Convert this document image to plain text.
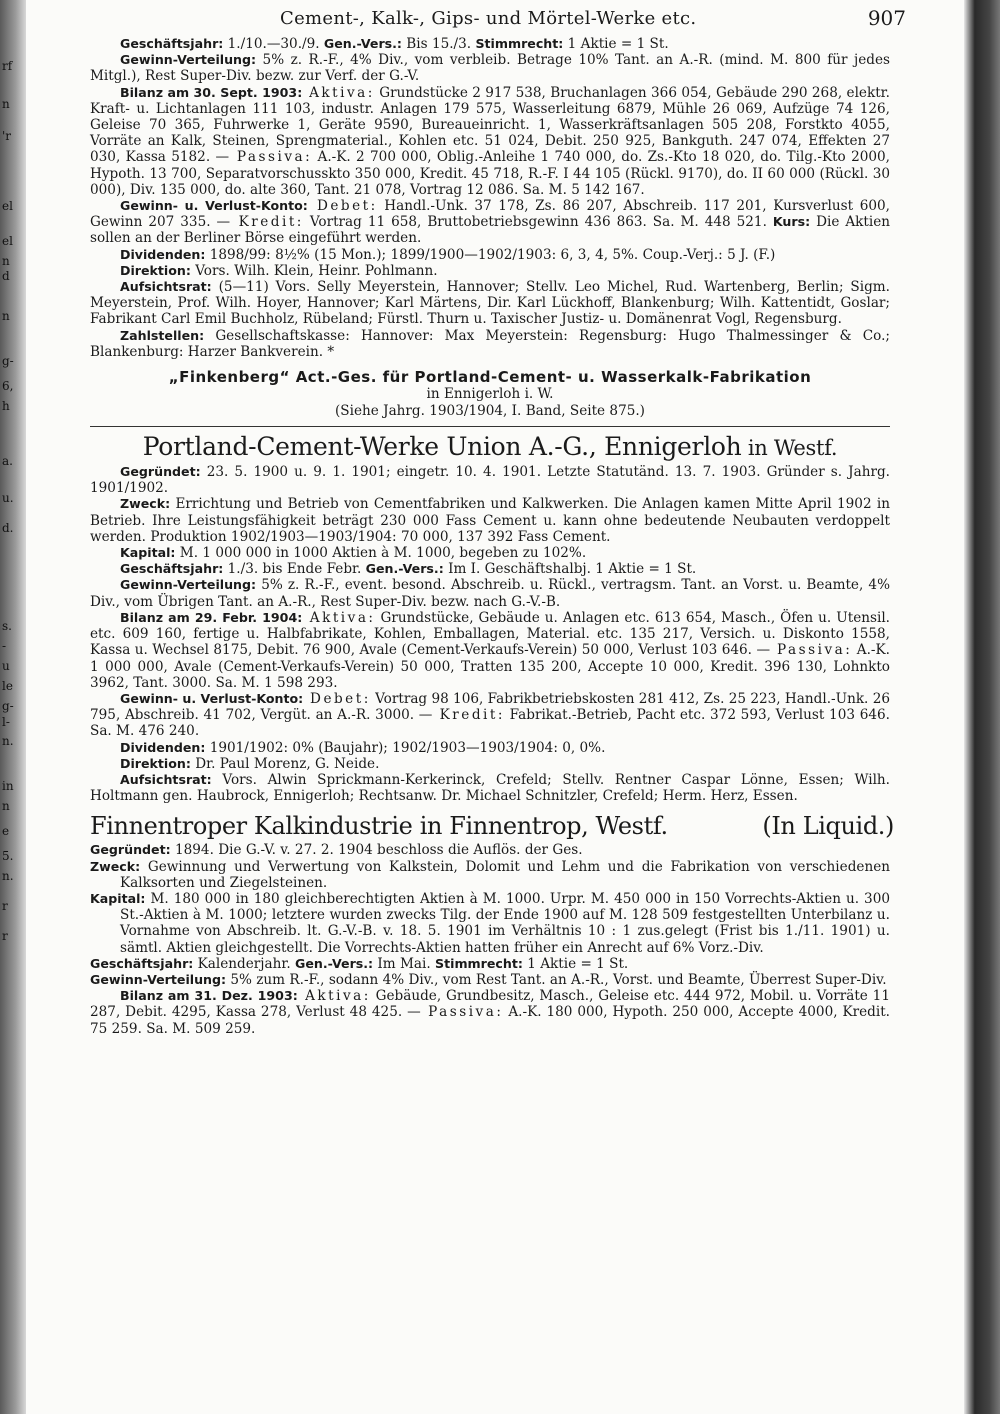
rf
n
'r
el
el
n
d
n
g-
6,
h
a.
u.
d.
s.
-
u
le
g-
l-
n.
in
n
e
5.
n.
r
r
Cement-, Kalk-, Gips- und Mörtel-Werke etc.	907

Geschäftsjahr: 1./10.—30./9. Gen.-Vers.: Bis 15./3. Stimmrecht: 1 Aktie = 1 St.

Gewinn-Verteilung: 5% z. R.-F., 4% Div., vom verbleib. Betrage 10% Tant. an A.-R. (mind. M. 800 für jedes Mitgl.), Rest Super-Div. bezw. zur Verf. der G.-V.

Bilanz am 30. Sept. 1903: Aktiva: Grundstücke 2 917 538, Bruchanlagen 366 054, Gebäude 290 268, elektr. Kraft- u. Lichtanlagen 111 103, industr. Anlagen 179 575, Wasserleitung 6879, Mühle 26 069, Aufzüge 74 126, Geleise 70 365, Fuhrwerke 1, Geräte 9590, Bureaueinricht. 1, Wasserkräftsanlagen 505 208, Forstkto 4055, Vorräte an Kalk, Steinen, Sprengmaterial., Kohlen etc. 51 024, Debit. 250 925, Bankguth. 247 074, Effekten 27 030, Kassa 5182. — Passiva: A.-K. 2 700 000, Oblig.-Anleihe 1 740 000, do. Zs.-Kto 18 020, do. Tilg.-Kto 2000, Hypoth. 13 700, Separatvorschusskto 350 000, Kredit. 45 718, R.-F. I 44 105 (Rückl. 9170), do. II 60 000 (Rückl. 30 000), Div. 135 000, do. alte 360, Tant. 21 078, Vortrag 12 086. Sa. M. 5 142 167.

Gewinn- u. Verlust-Konto: Debet: Handl.-Unk. 37 178, Zs. 86 207, Abschreib. 117 201, Kursverlust 600, Gewinn 207 335. — Kredit: Vortrag 11 658, Bruttobetriebsgewinn 436 863. Sa. M. 448 521. Kurs: Die Aktien sollen an der Berliner Börse eingeführt werden.

Dividenden: 1898/99: 8½% (15 Mon.); 1899/1900—1902/1903: 6, 3, 4, 5%. Coup.-Verj.: 5 J. (F.)

Direktion: Vors. Wilh. Klein, Heinr. Pohlmann.

Aufsichtsrat: (5—11) Vors. Selly Meyerstein, Hannover; Stellv. Leo Michel, Rud. Wartenberg, Berlin; Sigm. Meyerstein, Prof. Wilh. Hoyer, Hannover; Karl Märtens, Dir. Karl Lückhoff, Blankenburg; Wilh. Kattentidt, Goslar; Fabrikant Carl Emil Buchholz, Rübeland; Fürstl. Thurn u. Taxischer Justiz- u. Domänenrat Vogl, Regensburg.

Zahlstellen: Gesellschaftskasse: Hannover: Max Meyerstein: Regensburg: Hugo Thalmessinger & Co.; Blankenburg: Harzer Bankverein. *

„Finkenberg“ Act.-Ges. für Portland-Cement- u. Wasserkalk-Fabrikation
in Ennigerloh i. W.
(Siehe Jahrg. 1903/1904, I. Band, Seite 875.)
Portland-Cement-Werke Union A.-G., Ennigerloh in Westf.

Gegründet: 23. 5. 1900 u. 9. 1. 1901; eingetr. 10. 4. 1901. Letzte Statutänd. 13. 7. 1903. Gründer s. Jahrg. 1901/1902.

Zweck: Errichtung und Betrieb von Cementfabriken und Kalkwerken. Die Anlagen kamen Mitte April 1902 in Betrieb. Ihre Leistungsfähigkeit beträgt 230 000 Fass Cement u. kann ohne bedeutende Neubauten verdoppelt werden. Produktion 1902/1903—1903/1904: 70 000, 137 392 Fass Cement.

Kapital: M. 1 000 000 in 1000 Aktien à M. 1000, begeben zu 102%.

Geschäftsjahr: 1./3. bis Ende Febr. Gen.-Vers.: Im I. Geschäftshalbj. 1 Aktie = 1 St.

Gewinn-Verteilung: 5% z. R.-F., event. besond. Abschreib. u. Rückl., vertragsm. Tant. an Vorst. u. Beamte, 4% Div., vom Übrigen Tant. an A.-R., Rest Super-Div. bezw. nach G.-V.-B.

Bilanz am 29. Febr. 1904: Aktiva: Grundstücke, Gebäude u. Anlagen etc. 613 654, Masch., Öfen u. Utensil. etc. 609 160, fertige u. Halbfabrikate, Kohlen, Emballagen, Material. etc. 135 217, Versich. u. Diskonto 1558, Kassa u. Wechsel 8175, Debit. 76 900, Avale (Cement-Verkaufs-Verein) 50 000, Verlust 103 646. — Passiva: A.-K. 1 000 000, Avale (Cement-Verkaufs-Verein) 50 000, Tratten 135 200, Accepte 10 000, Kredit. 396 130, Lohnkto 3962, Tant. 3000. Sa. M. 1 598 293.

Gewinn- u. Verlust-Konto: Debet: Vortrag 98 106, Fabrikbetriebskosten 281 412, Zs. 25 223, Handl.-Unk. 26 795, Abschreib. 41 702, Vergüt. an A.-R. 3000. — Kredit: Fabrikat.-Betrieb, Pacht etc. 372 593, Verlust 103 646. Sa. M. 476 240.

Dividenden: 1901/1902: 0% (Baujahr); 1902/1903—1903/1904: 0, 0%.

Direktion: Dr. Paul Morenz, G. Neide.

Aufsichtsrat: Vors. Alwin Sprickmann-Kerkerinck, Crefeld; Stellv. Rentner Caspar Lönne, Essen; Wilh. Holtmann gen. Haubrock, Ennigerloh; Rechtsanw. Dr. Michael Schnitzler, Crefeld; Herm. Herz, Essen.

Finnentroper Kalkindustrie in Finnentrop, Westf.	(In Liquid.)

Gegründet: 1894. Die G.-V. v. 27. 2. 1904 beschloss die Auflös. der Ges.

Zweck: Gewinnung und Verwertung von Kalkstein, Dolomit und Lehm und die Fabrikation von verschiedenen Kalksorten und Ziegelsteinen.

Kapital: M. 180 000 in 180 gleichberechtigten Aktien à M. 1000. Urpr. M. 450 000 in 150 Vorrechts-Aktien u. 300 St.-Aktien à M. 1000; letztere wurden zwecks Tilg. der Ende 1900 auf M. 128 509 festgestellten Unterbilanz u. Vornahme von Abschreib. lt. G.-V.-B. v. 18. 5. 1901 im Verhältnis 10 : 1 zus.gelegt (Frist bis 1./11. 1901) u. sämtl. Aktien gleichgestellt. Die Vorrechts-Aktien hatten früher ein Anrecht auf 6% Vorz.-Div.

Geschäftsjahr: Kalenderjahr. Gen.-Vers.: Im Mai. Stimmrecht: 1 Aktie = 1 St.

Gewinn-Verteilung: 5% zum R.-F., sodann 4% Div., vom Rest Tant. an A.-R., Vorst. und Beamte, Überrest Super-Div.

Bilanz am 31. Dez. 1903: Aktiva: Gebäude, Grundbesitz, Masch., Geleise etc. 444 972, Mobil. u. Vorräte 11 287, Debit. 4295, Kassa 278, Verlust 48 425. — Passiva: A.-K. 180 000, Hypoth. 250 000, Accepte 4000, Kredit. 75 259. Sa. M. 509 259.
